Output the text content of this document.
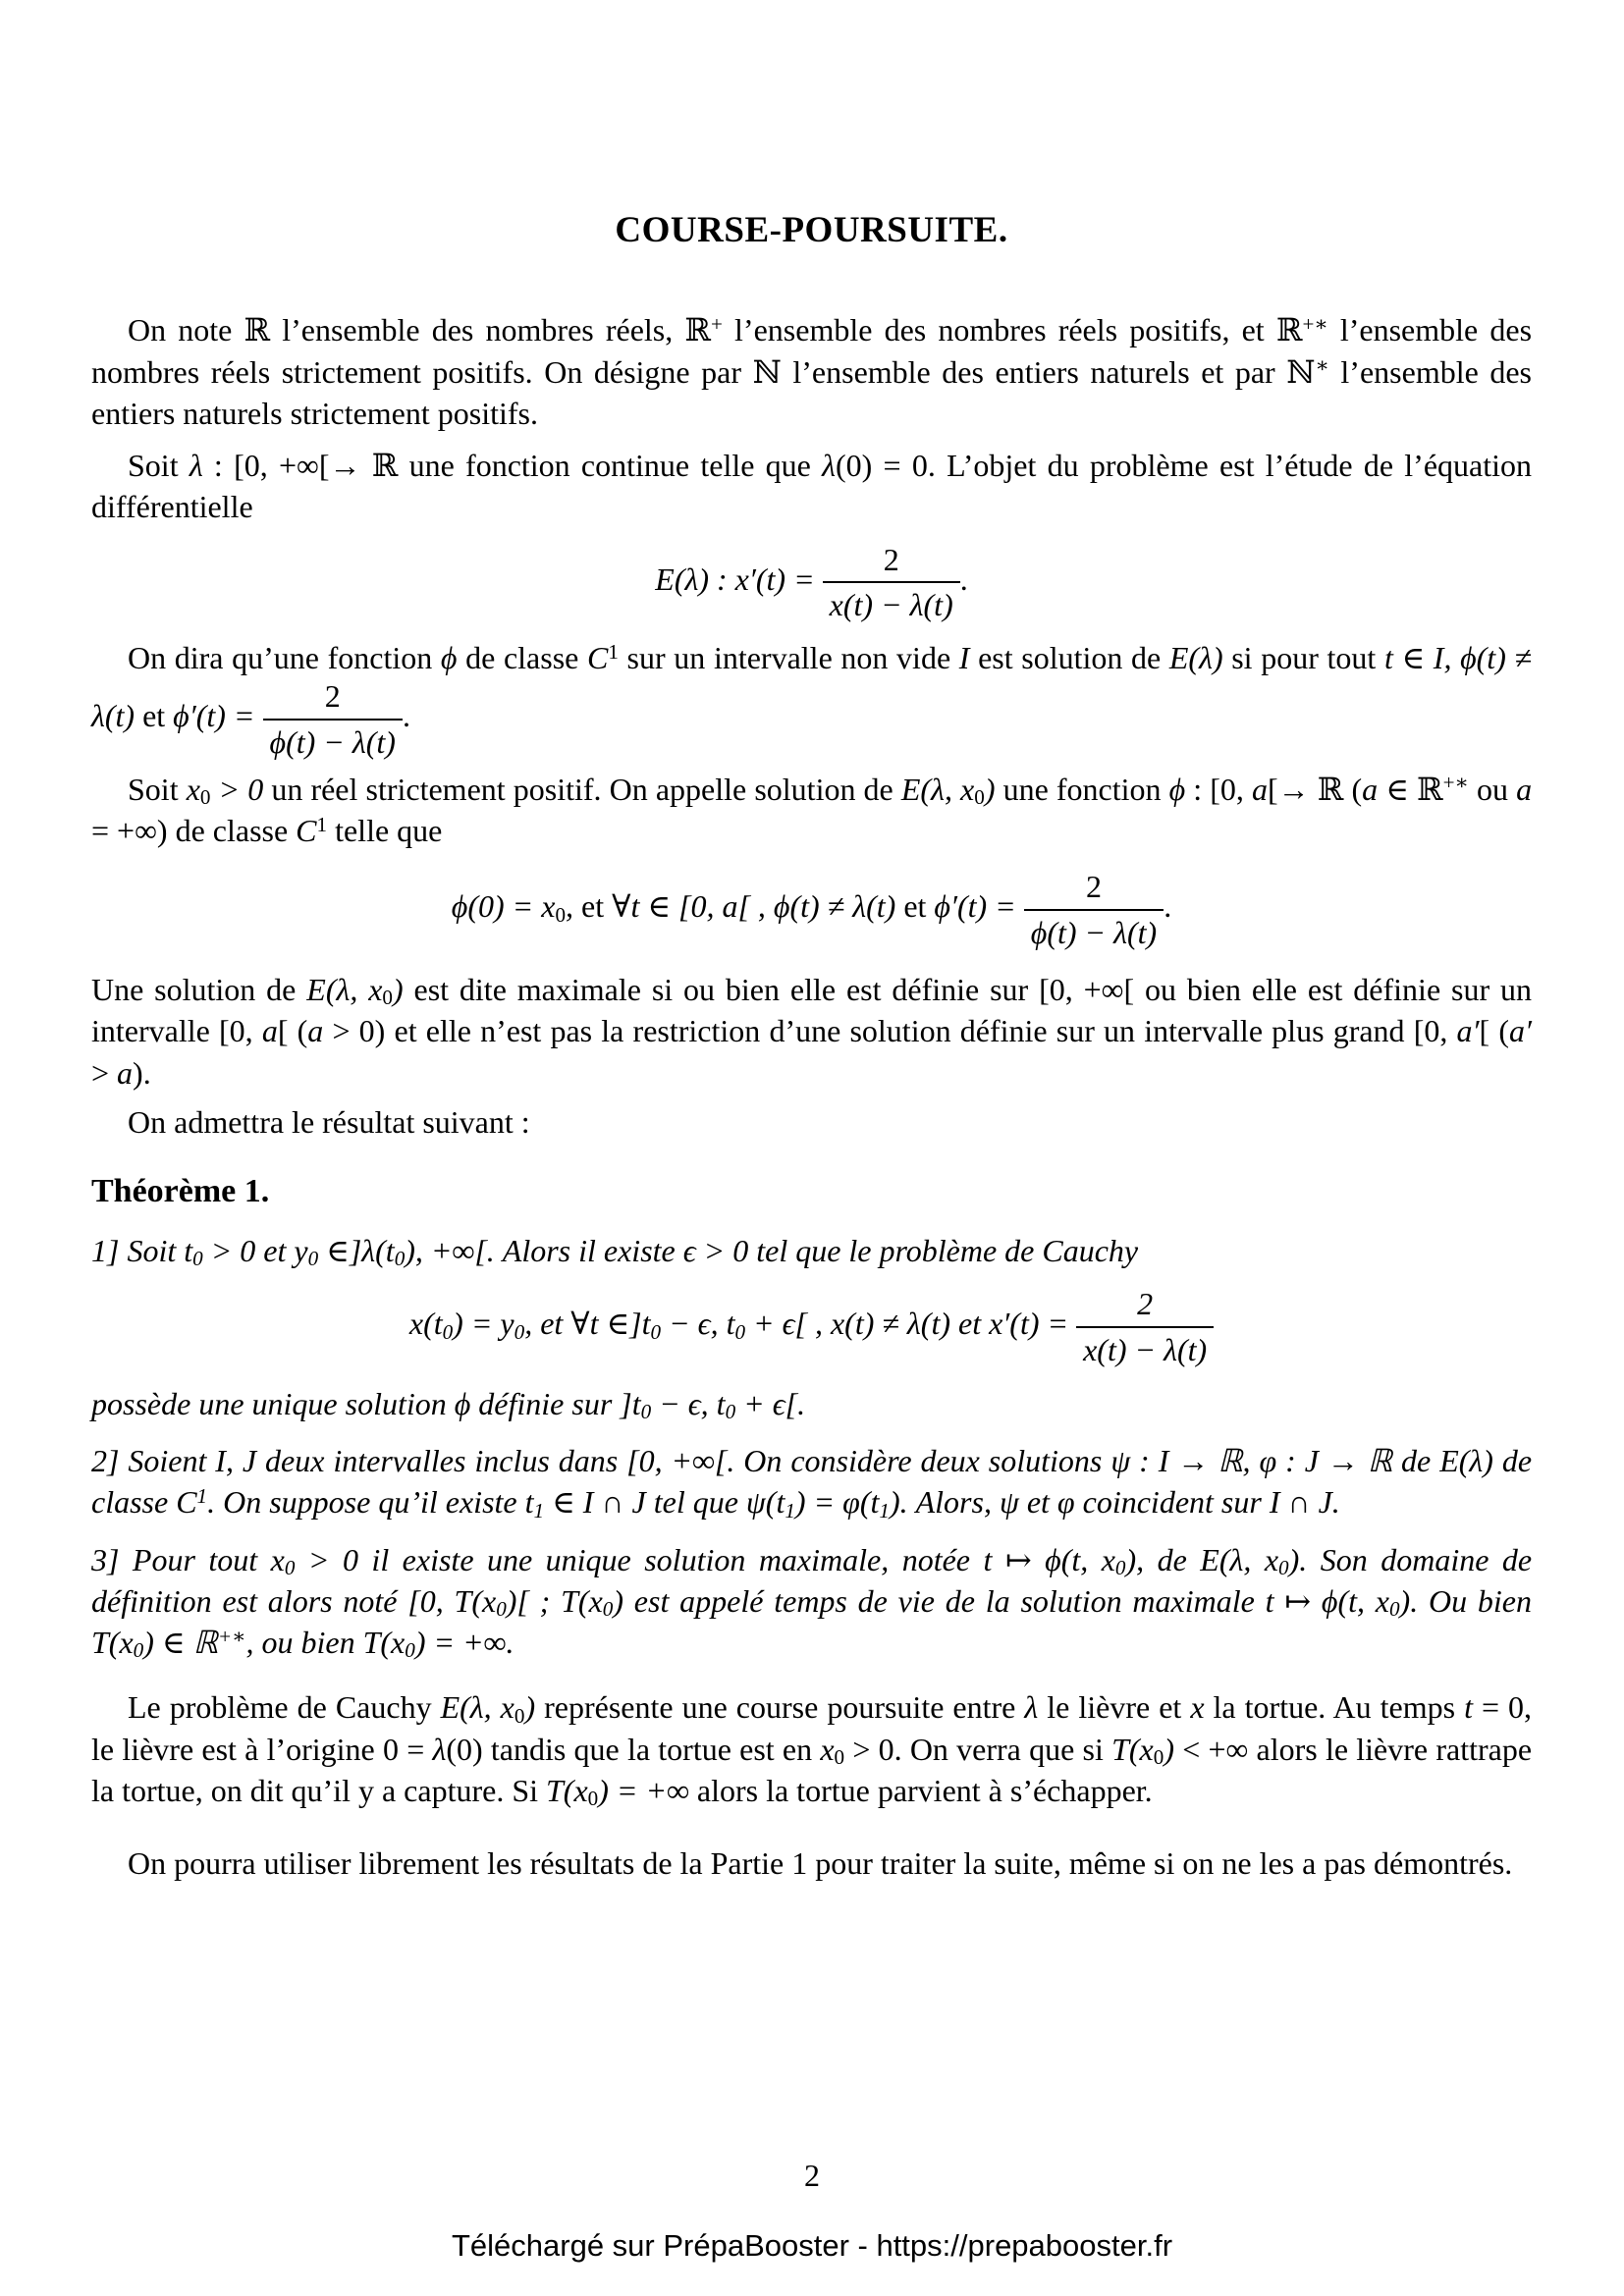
COURSE-POURSUITE.
On note ℝ l’ensemble des nombres réels, ℝ+ l’ensemble des nombres réels positifs, et ℝ+∗ l’ensemble des nombres réels strictement positifs. On désigne par ℕ l’ensemble des entiers naturels et par ℕ∗ l’ensemble des entiers naturels strictement positifs.
Soit λ : [0, +∞[→ ℝ une fonction continue telle que λ(0) = 0. L’objet du problème est l’étude de l’équation différentielle
E(λ) : $x'(t) = \frac{2}{x(t) - \lambda(t)}$ .
On dira qu’une fonction ϕ de classe $C^1$ sur un intervalle non vide I est solution de E(λ) si pour tout t ∈ I, ϕ(t) ≠ λ(t) et $\phi'(t) = \frac{2}{\phi(t) - \lambda(t)}$ .
Soit x0 > 0 un réel strictement positif. On appelle solution de E(λ, x0) une fonction ϕ : [0, a[→ ℝ (a ∈ ℝ+∗ ou a = +∞) de classe $C^1$ telle que
ϕ(0) = x0, et ∀t ∈ [0, a[ , ϕ(t) ≠ λ(t) et $\phi'(t) = \frac{2}{\phi(t) - \lambda(t)}$ .
Une solution de E(λ, x0) est dite maximale si ou bien elle est définie sur [0, +∞[ ou bien elle est définie sur un intervalle [0, a[ (a > 0) et elle n’est pas la restriction d’une solution définie sur un intervalle plus grand [0, a′[ (a′ > a).
On admettra le résultat suivant :
Théorème 1.
1] Soit t0 > 0 et y0 ∈]λ(t0), +∞[. Alors il existe ϵ > 0 tel que le problème de Cauchy
x(t0) = y0, et ∀t ∈]t0 − ϵ, t0 + ϵ[ , x(t) ≠ λ(t) et $x'(t) = \frac{2}{x(t) - \lambda(t)}$
possède une unique solution ϕ définie sur ]t0 − ϵ, t0 + ϵ[.
2] Soient I, J deux intervalles inclus dans [0, +∞[. On considère deux solutions ψ : I → ℝ, φ : J → ℝ de E(λ) de classe $C^1$. On suppose qu’il existe t1 ∈ I ∩ J tel que ψ(t1) = φ(t1). Alors, ψ et φ coincident sur I ∩ J.
3] Pour tout x0 > 0 il existe une unique solution maximale, notée t ↦ ϕ(t, x0), de E(λ, x0). Son domaine de définition est alors noté [0, T(x0)[ ; T(x0) est appelé temps de vie de la solution maximale t ↦ ϕ(t, x0). Ou bien T(x0) ∈ ℝ+∗, ou bien T(x0) = +∞.
Le problème de Cauchy E(λ, x0) représente une course poursuite entre λ le lièvre et x la tortue. Au temps t = 0, le lièvre est à l’origine 0 = λ(0) tandis que la tortue est en x0 > 0. On verra que si T(x0) < +∞ alors le lièvre rattrape la tortue, on dit qu’il y a capture. Si T(x0) = +∞ alors la tortue parvient à s’échapper.
On pourra utiliser librement les résultats de la Partie 1 pour traiter la suite, même si on ne les a pas démontrés.
2
Téléchargé sur PrépaBooster - https://prepabooster.fr
